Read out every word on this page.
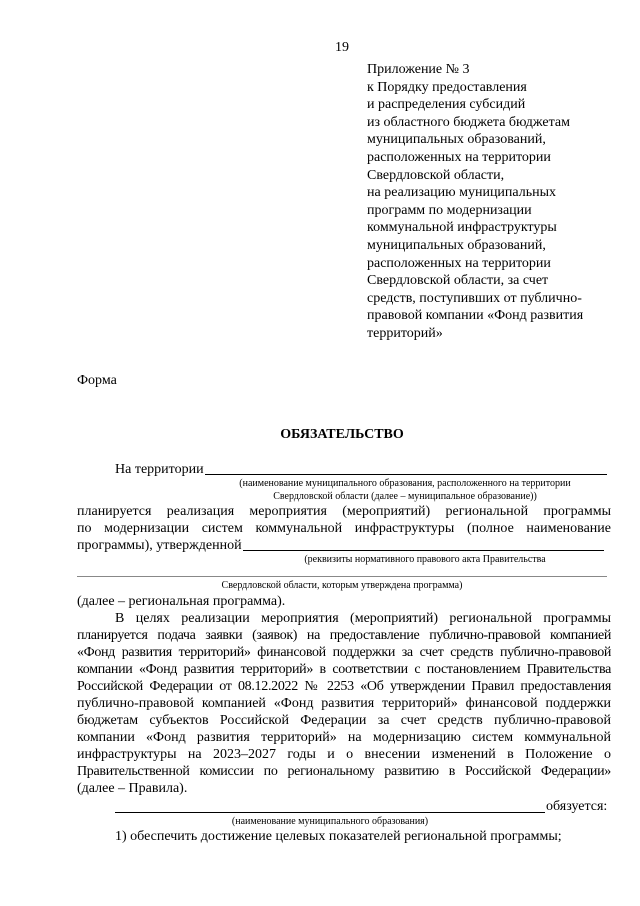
19
Приложение № 3
к Порядку предоставления
и распределения субсидий
из областного бюджета бюджетам
муниципальных образований,
расположенных на территории
Свердловской области,
на реализацию муниципальных
программ по модернизации
коммунальной инфраструктуры
муниципальных образований,
расположенных на территории
Свердловской области, за счет
средств, поступивших от публично-
правовой компании «Фонд развития
территорий»
Форма
ОБЯЗАТЕЛЬСТВО
На территории
(наименование муниципального образования, расположенного на территории
Свердловской области (далее – муниципальное образование))
планируется реализация мероприятия (мероприятий) региональной программы
по модернизации систем коммунальной инфраструктуры (полное наименование
программы), утвержденной
(реквизиты нормативного правового акта Правительства
Свердловской области, которым утверждена программа)
(далее – региональная программа).
В целях реализации мероприятия (мероприятий) региональной программы
планируется подача заявки (заявок) на предоставление публично-правовой компанией
«Фонд развития территорий» финансовой поддержки за счет средств публично-правовой
компании «Фонд развития территорий» в соответствии с постановлением Правительства
Российской Федерации от 08.12.2022 № 2253 «Об утверждении Правил предоставления
публично-правовой компанией «Фонд развития территорий» финансовой поддержки
бюджетам субъектов Российской Федерации за счет средств публично-правовой
компании «Фонд развития территорий» на модернизацию систем коммунальной
инфраструктуры на 2023–2027 годы и о внесении изменений в Положение о
Правительственной комиссии по региональному развитию в Российской Федерации»
(далее – Правила).
обязуется:
(наименование муниципального образования)
1) обеспечить достижение целевых показателей региональной программы;
